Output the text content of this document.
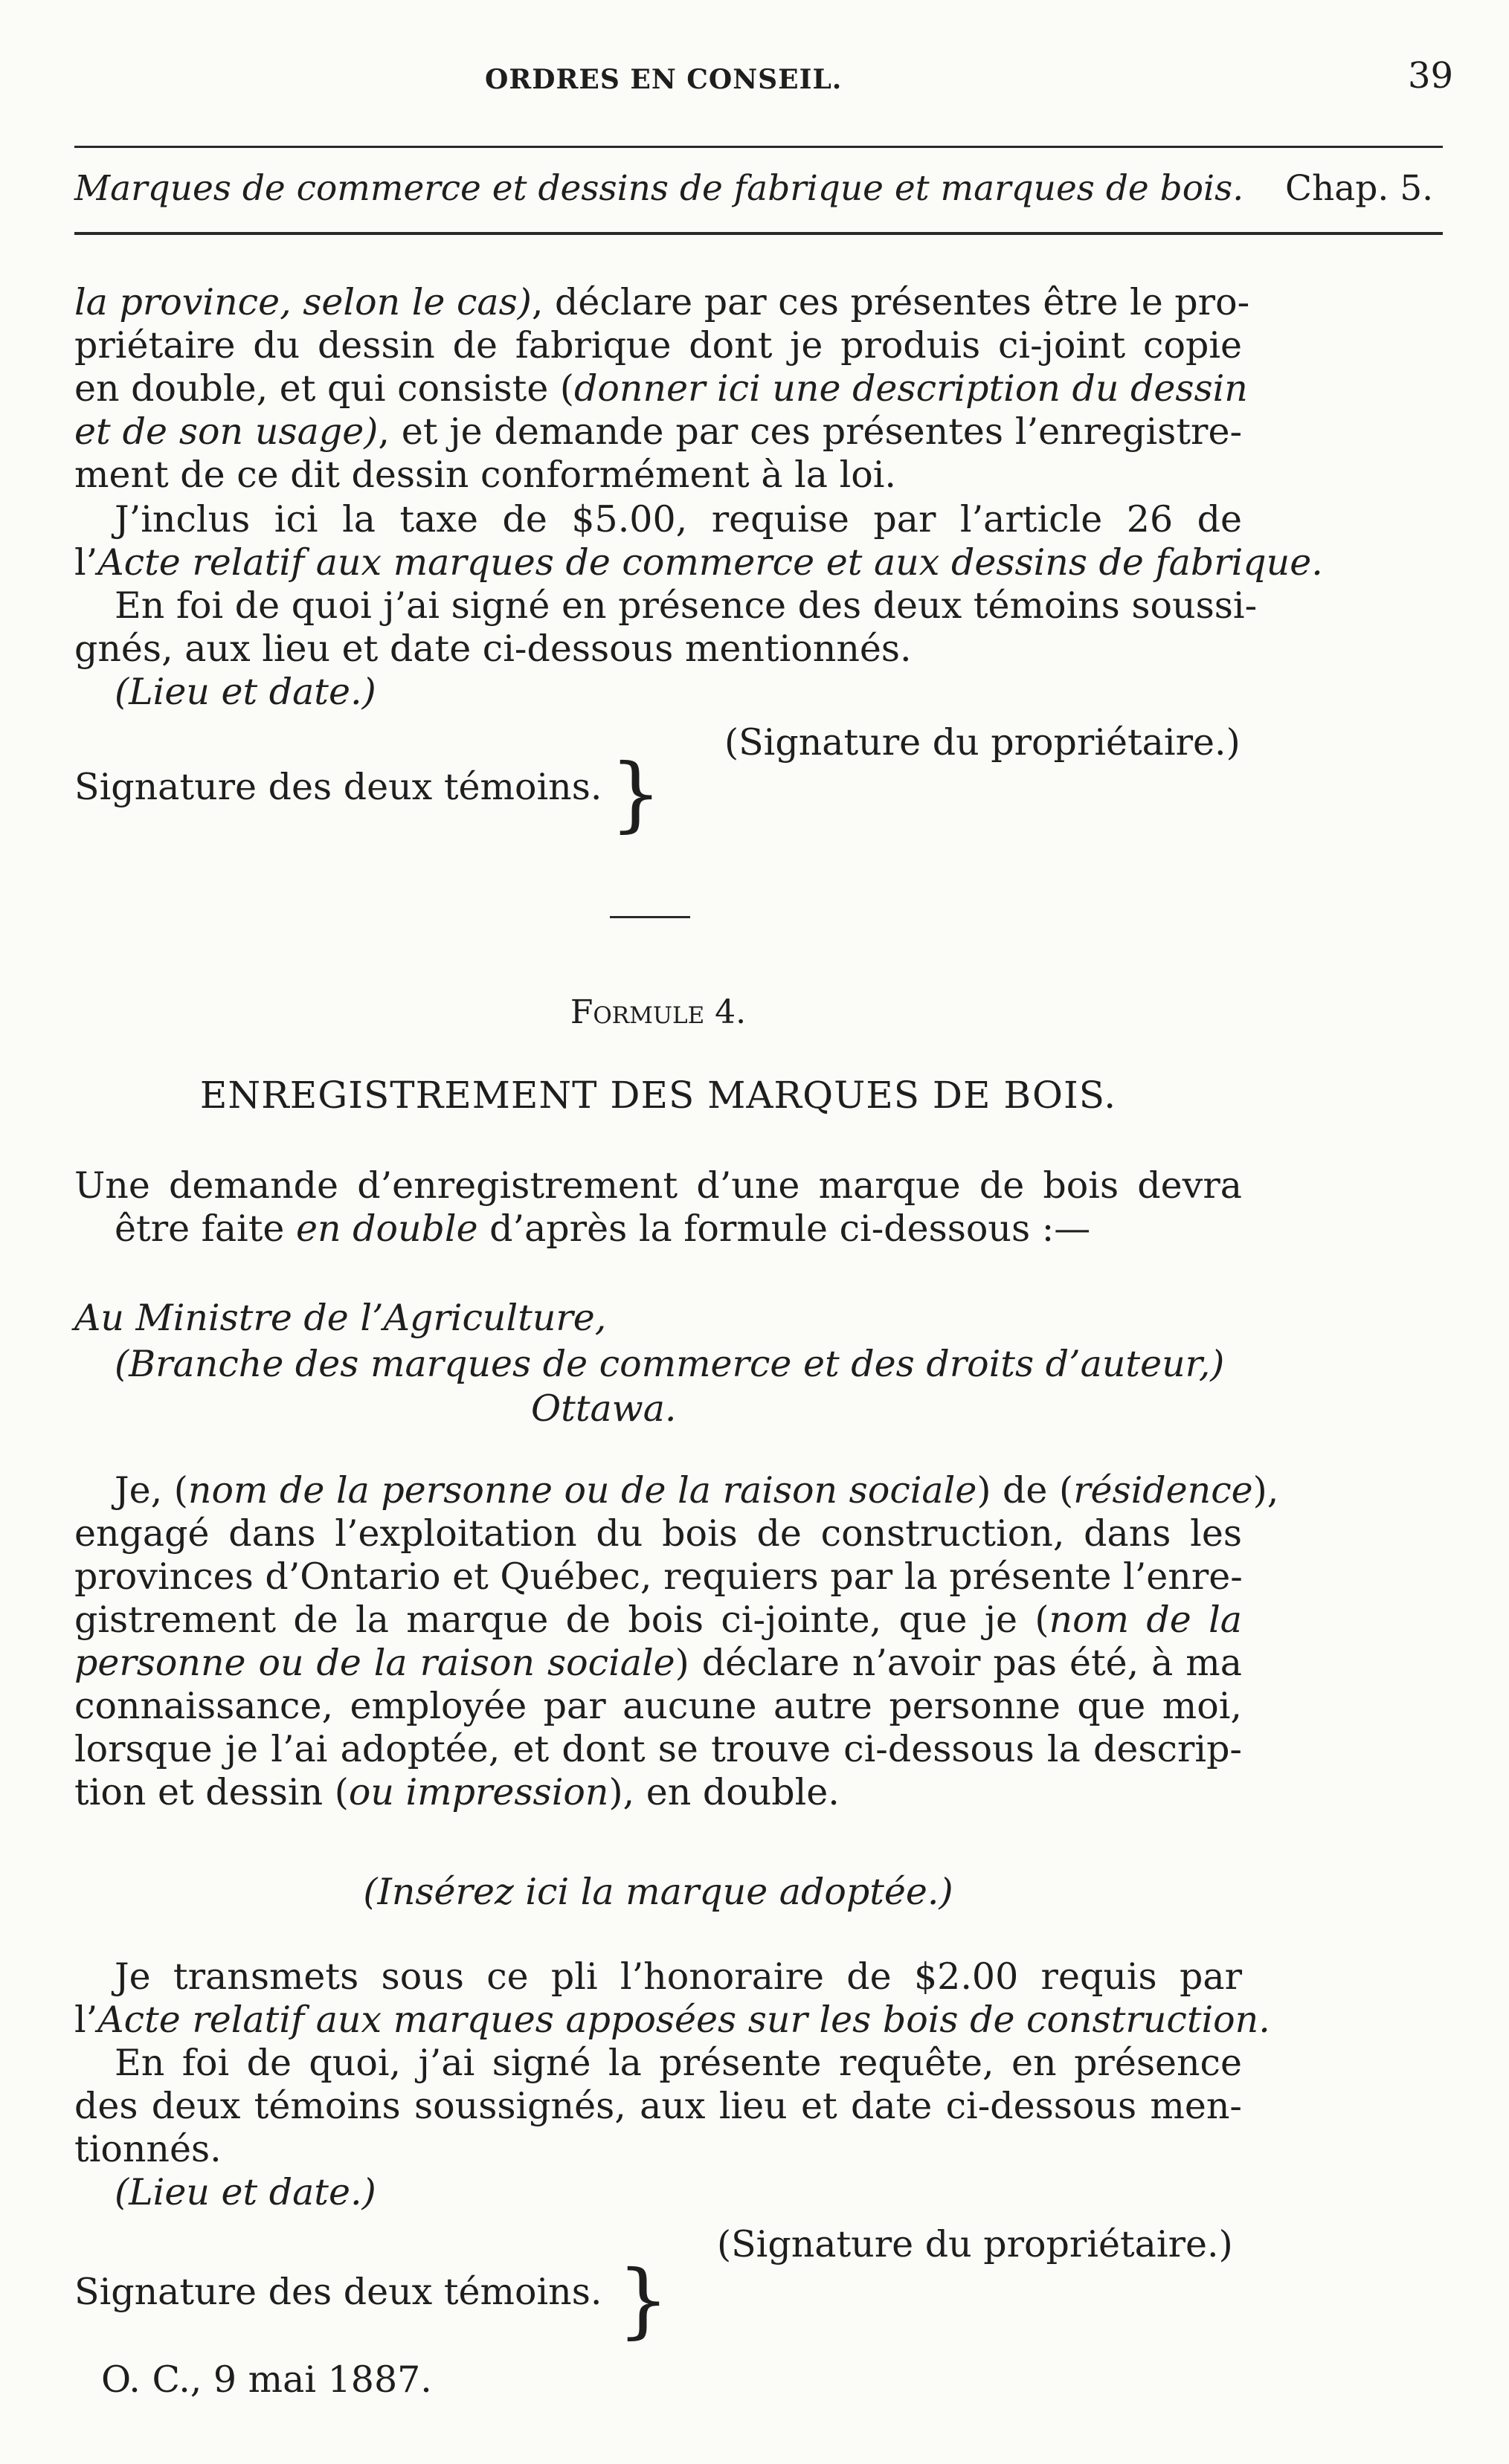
ORDRES EN CONSEIL.	39
Marques de commerce et dessins de fabrique et marques de bois. Chap. 5.
la province, selon le cas), déclare par ces présentes être le pro-
priétaire du dessin de fabrique dont je produis ci-joint copie
en double, et qui consiste (donner ici une description du dessin
et de son usage), et je demande par ces présentes l’enregistre-
ment de ce dit dessin conformément à la loi.
J’inclus ici la taxe de $5.00, requise par l’article 26 de
l’Acte relatif aux marques de commerce et aux dessins de fabrique.
En foi de quoi j’ai signé en présence des deux témoins soussi-
gnés, aux lieu et date ci-dessous mentionnés.
(Lieu et date.)
(Signature du propriétaire.)
Signature des deux témoins. }
Formule 4.
ENREGISTREMENT DES MARQUES DE BOIS.
Une demande d’enregistrement d’une marque de bois devra
être faite en double d’après la formule ci-dessous :—
Au Ministre de l’Agriculture,
(Branche des marques de commerce et des droits d’auteur,)
Ottawa.
Je, (nom de la personne ou de la raison sociale) de (résidence),
engagé dans l’exploitation du bois de construction, dans les
provinces d’Ontario et Québec, requiers par la présente l’enre-
gistrement de la marque de bois ci-jointe, que je (nom de la
personne ou de la raison sociale) déclare n’avoir pas été, à ma
connaissance, employée par aucune autre personne que moi,
lorsque je l’ai adoptée, et dont se trouve ci-dessous la descrip-
tion et dessin (ou impression), en double.
(Insérez ici la marque adoptée.)
Je transmets sous ce pli l’honoraire de $2.00 requis par
l’Acte relatif aux marques apposées sur les bois de construction.
En foi de quoi, j’ai signé la présente requête, en présence
des deux témoins soussignés, aux lieu et date ci-dessous men-
tionnés.
(Lieu et date.)
(Signature du propriétaire.)
Signature des deux témoins. }
O. C., 9 mai 1887.
